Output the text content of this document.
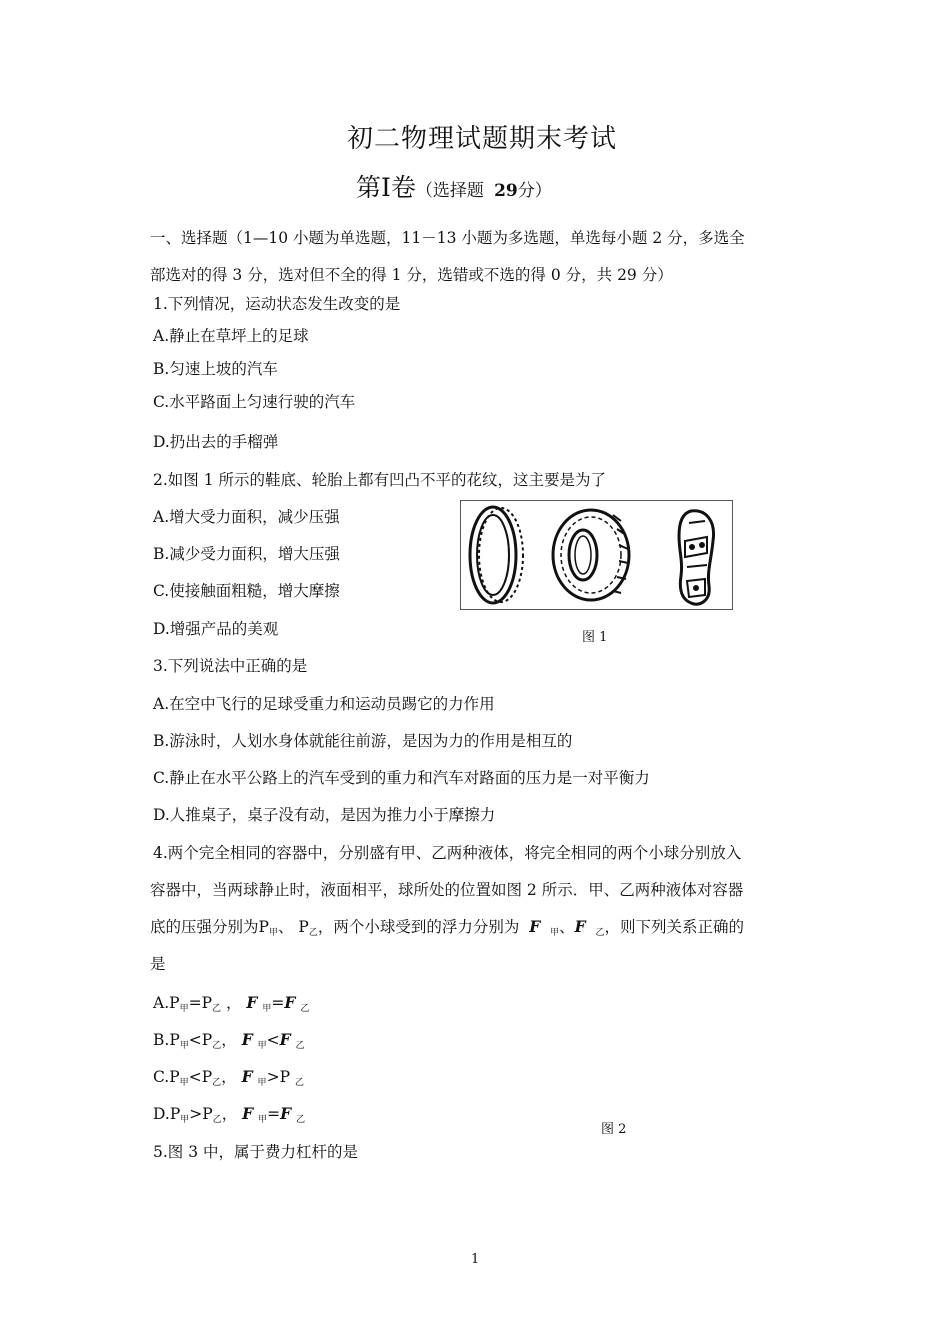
初二物理试题期末考试
第Ⅰ卷（选择题 29分）
一、选择题（1—10 小题为单选题，11－13 小题为多选题，单选每小题 2 分，多选全
部选对的得 3 分，选对但不全的得 1 分，选错或不选的得 0 分，共 29 分）
1.下列情况，运动状态发生改变的是
A.静止在草坪上的足球
B.匀速上坡的汽车
C.水平路面上匀速行驶的汽车
D.扔出去的手榴弹
2.如图 1 所示的鞋底、轮胎上都有凹凸不平的花纹，这主要是为了
A.增大受力面积，减少压强
B.减少受力面积，增大压强
C.使接触面粗糙，增大摩擦
D.增强产品的美观	图 1
3.下列说法中正确的是
A.在空中飞行的足球受重力和运动员踢它的力作用
B.游泳时，人划水身体就能往前游，是因为力的作用是相互的
C.静止在水平公路上的汽车受到的重力和汽车对路面的压力是一对平衡力
D.人推桌子，桌子没有动，是因为推力小于摩擦力
4.两个完全相同的容器中，分别盛有甲、乙两种液体，将完全相同的两个小球分别放入
容器中，当两球静止时，液面相平，球所处的位置如图 2 所示．甲、乙两种液体对容器
底的压强分别为P甲、 P乙，两个小球受到的浮力分别为 F 甲、F 乙，则下列关系正确的
是
A.P甲=P乙 ， F 甲=F 乙
B.P甲<P乙， F 甲<F 乙
C.P甲<P乙， F 甲>P 乙
D.P甲>P乙， F 甲=F 乙
图 2
5.图 3 中，属于费力杠杆的是
1
